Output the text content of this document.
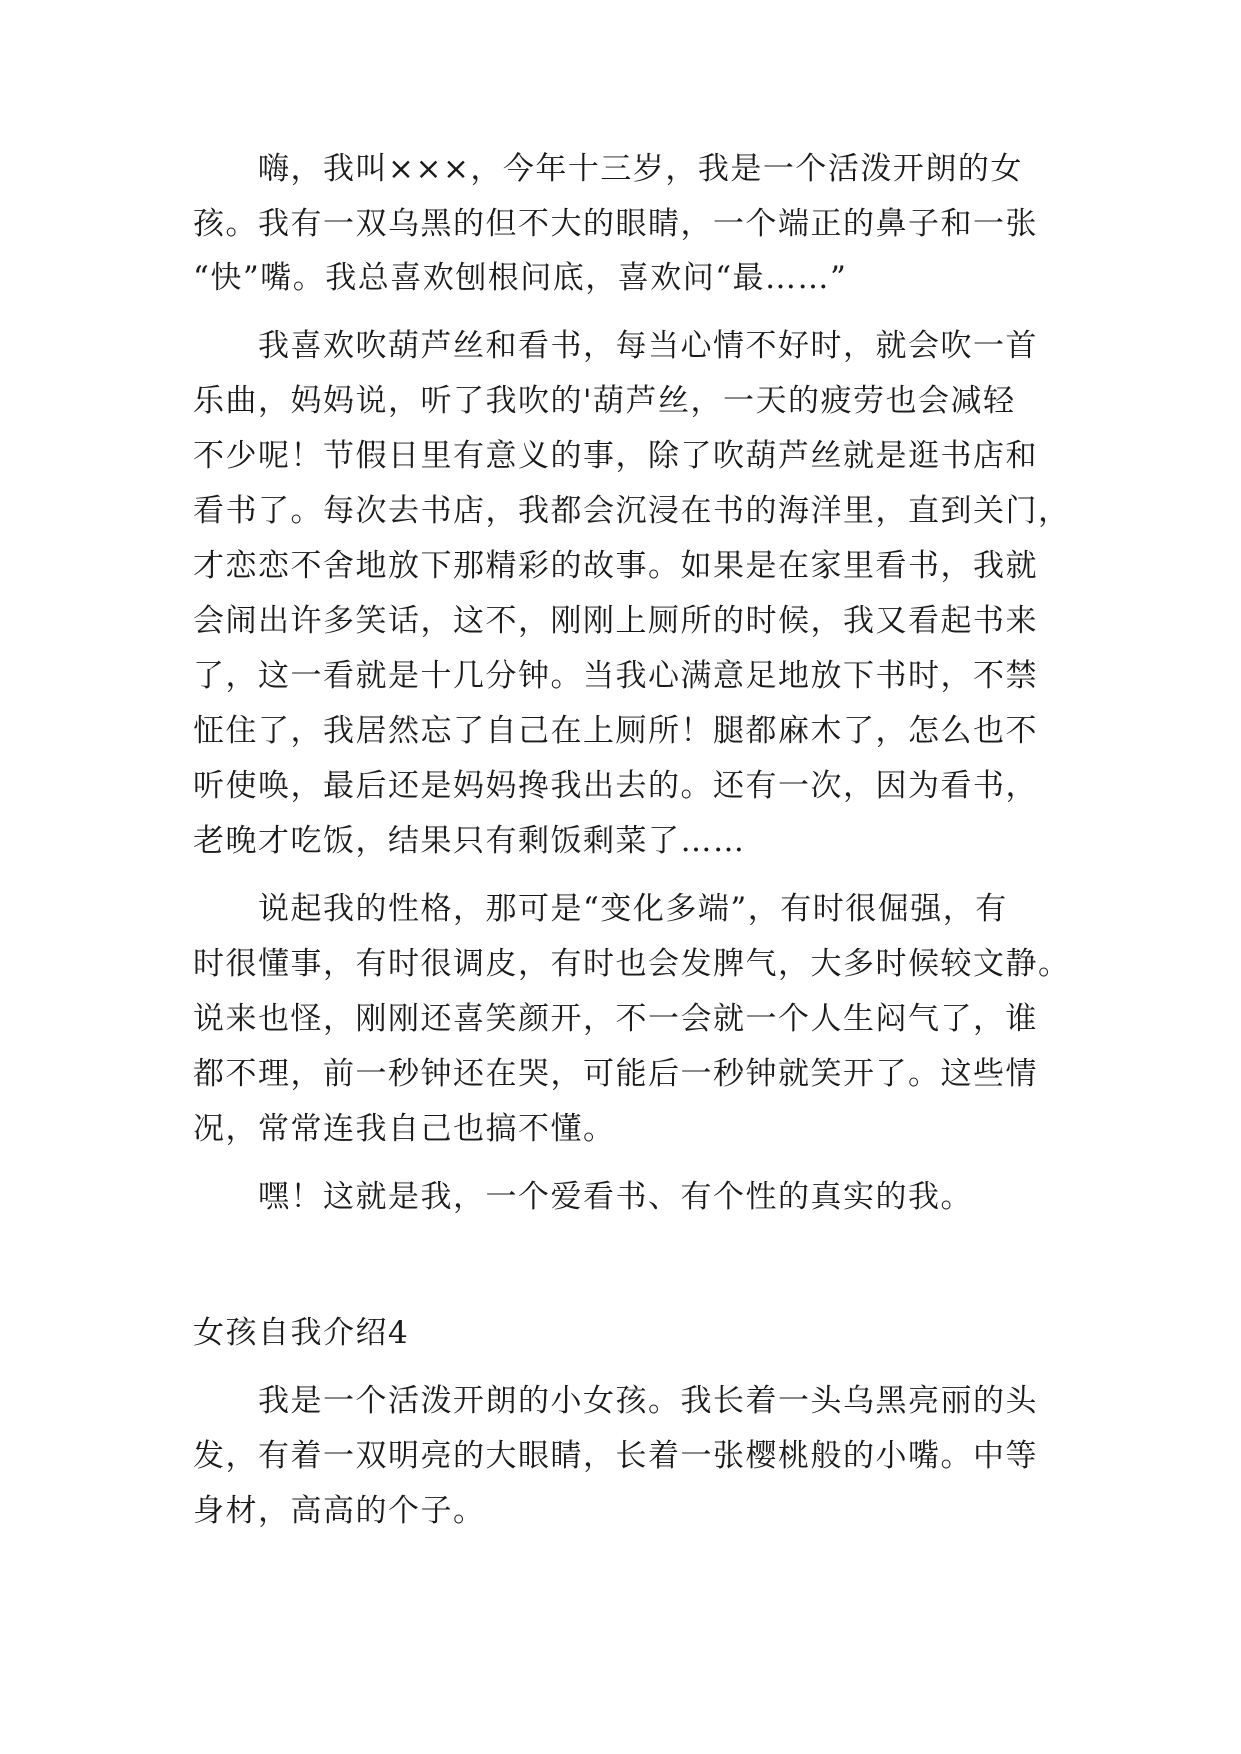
　　嗨，我叫×××，今年十三岁，我是一个活泼开朗的女
孩。我有一双乌黑的但不大的眼睛，一个端正的鼻子和一张
“快”嘴。我总喜欢刨根问底，喜欢问“最……”
　　我喜欢吹葫芦丝和看书，每当心情不好时，就会吹一首
乐曲，妈妈说，听了我吹的'葫芦丝，一天的疲劳也会减轻
不少呢！节假日里有意义的事，除了吹葫芦丝就是逛书店和
看书了。每次去书店，我都会沉浸在书的海洋里，直到关门，
才恋恋不舍地放下那精彩的故事。如果是在家里看书，我就
会闹出许多笑话，这不，刚刚上厕所的时候，我又看起书来
了，这一看就是十几分钟。当我心满意足地放下书时，不禁
怔住了，我居然忘了自己在上厕所！腿都麻木了，怎么也不
听使唤，最后还是妈妈搀我出去的。还有一次，因为看书，
老晚才吃饭，结果只有剩饭剩菜了……
　　说起我的性格，那可是“变化多端”，有时很倔强，有
时很懂事，有时很调皮，有时也会发脾气，大多时候较文静。
说来也怪，刚刚还喜笑颜开，不一会就一个人生闷气了，谁
都不理，前一秒钟还在哭，可能后一秒钟就笑开了。这些情
况，常常连我自己也搞不懂。
　　嘿！这就是我，一个爱看书、有个性的真实的我。
女孩自我介绍4
　　我是一个活泼开朗的小女孩。我长着一头乌黑亮丽的头
发，有着一双明亮的大眼睛，长着一张樱桃般的小嘴。中等
身材，高高的个子。
